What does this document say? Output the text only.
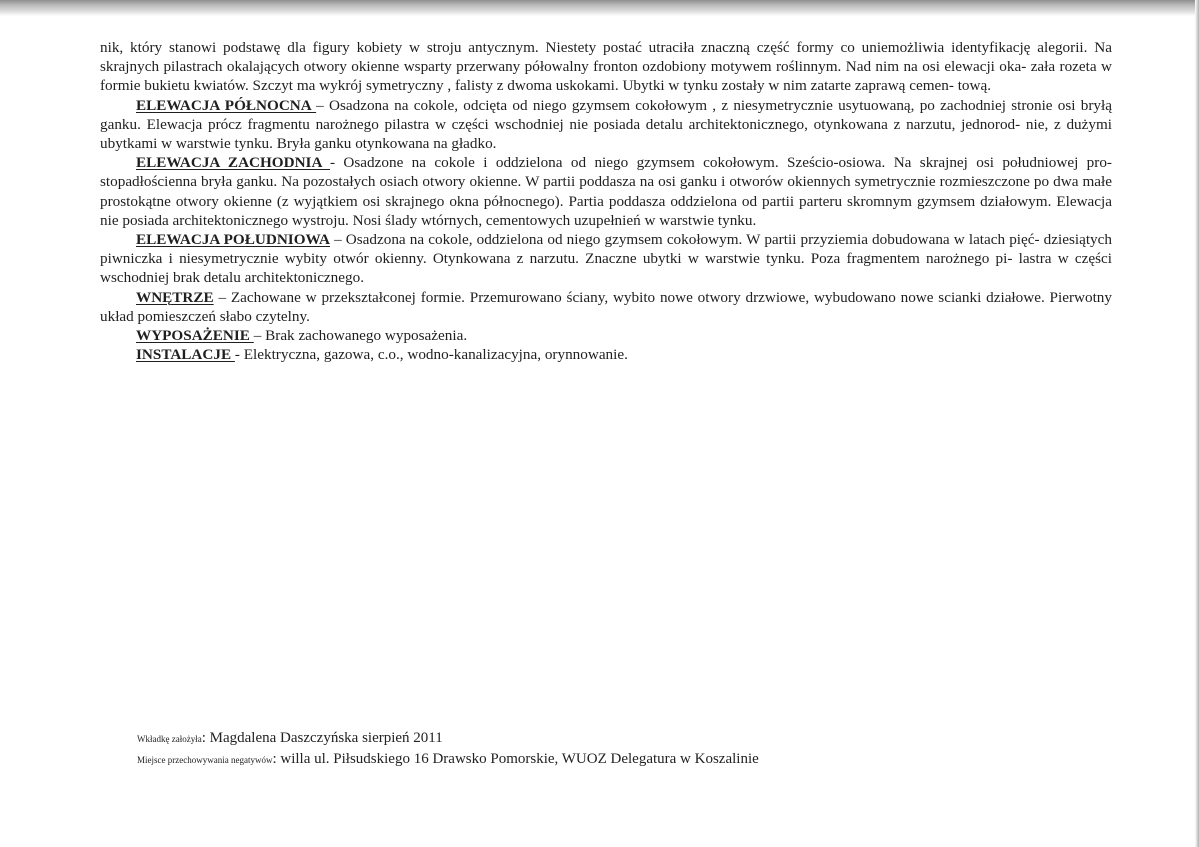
nik, który stanowi podstawę dla figury kobiety w stroju antycznym. Niestety postać utraciła znaczną część formy co uniemożliwia identyfikację alegorii. Na skrajnych pilastrach okalających otwory okienne wsparty przerwany półowalny fronton ozdobiony motywem roślinnym. Nad nim na osi elewacji oka- zała rozeta w formie bukietu kwiatów. Szczyt ma wykrój symetryczny , falisty z dwoma uskokami. Ubytki w tynku zostały w nim zatarte zaprawą cemen- tową.

ELEWACJA PÓŁNOCNA – Osadzona na cokole, odcięta od niego gzymsem cokołowym , z niesymetrycznie usytuowaną, po zachodniej stronie osi bryłą ganku. Elewacja prócz fragmentu narożnego pilastra w części wschodniej nie posiada detalu architektonicznego, otynkowana z narzutu, jednorod- nie, z dużymi ubytkami w warstwie tynku. Bryła ganku otynkowana na gładko.

ELEWACJA ZACHODNIA - Osadzone na cokole i oddzielona od niego gzymsem cokołowym. Sześcio-osiowa. Na skrajnej osi południowej pro- stopadłościenna bryła ganku. Na pozostałych osiach otwory okienne. W partii poddasza na osi ganku i otworów okiennych symetrycznie rozmieszczone po dwa małe prostokątne otwory okienne (z wyjątkiem osi skrajnego okna północnego). Partia poddasza oddzielona od partii parteru skromnym gzymsem działowym. Elewacja nie posiada architektonicznego wystroju. Nosi ślady wtórnych, cementowych uzupełnień w warstwie tynku.

ELEWACJA POŁUDNIOWA – Osadzona na cokole, oddzielona od niego gzymsem cokołowym. W partii przyziemia dobudowana w latach pięć- dziesiątych piwniczka i niesymetrycznie wybity otwór okienny. Otynkowana z narzutu. Znaczne ubytki w warstwie tynku. Poza fragmentem narożnego pi- lastra w części wschodniej brak detalu architektonicznego.

WNĘTRZE – Zachowane w przekształconej formie. Przemurowano ściany, wybito nowe otwory drzwiowe, wybudowano nowe scianki działowe. Pierwotny układ pomieszczeń słabo czytelny.

WYPOSAŻENIE – Brak zachowanego wyposażenia.

INSTALACJE - Elektryczna, gazowa, c.o., wodno-kanalizacyjna, orynnowanie.

Wkładkę założyła: Magdalena Daszczyńska sierpień 2011
Miejsce przechowywania negatywów: willa ul. Piłsudskiego 16 Drawsko Pomorskie, WUOZ Delegatura w Koszalinie
